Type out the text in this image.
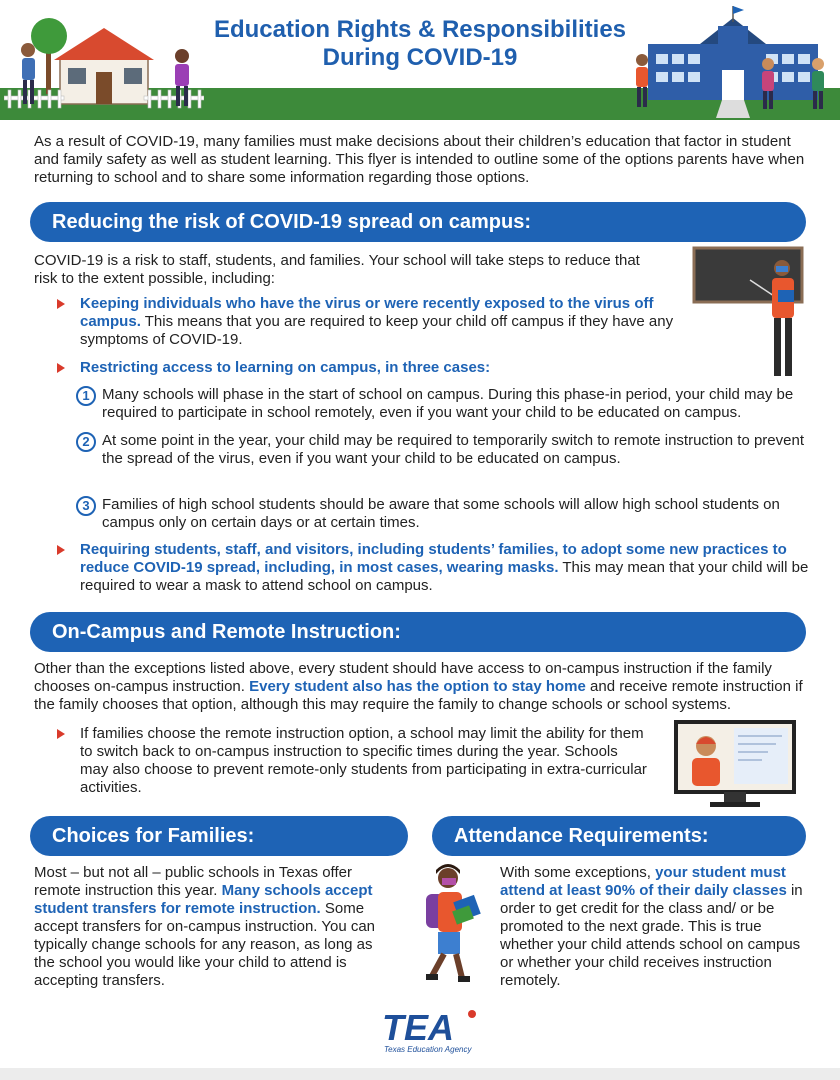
Education Rights & Responsibilities
During COVID-19

As a result of COVID-19, many families must make decisions about their children’s education that factor in student and family safety as well as student learning. This flyer is intended to outline some of the options parents have when returning to school and to share some information regarding those options.

Reducing the risk of COVID-19 spread on campus:

COVID-19 is a risk to staff, students, and families. Your school will take steps to reduce that risk to the extent possible, including:

Keeping individuals who have the virus or were recently exposed to the virus off campus. This means that you are required to keep your child off campus if they have any symptoms of COVID-19.

Restricting access to learning on campus, in three cases:

1 Many schools will phase in the start of school on campus. During this phase-in period, your child may be required to participate in school remotely, even if you want your child to be educated on campus.

2 At some point in the year, your child may be required to temporarily switch to remote instruction to prevent the spread of the virus, even if you want your child to be educated on campus.

3 Families of high school students should be aware that some schools will allow high school students on campus only on certain days or at certain times.

Requiring students, staff, and visitors, including students’ families, to adopt some new practices to reduce COVID-19 spread, including, in most cases, wearing masks. This may mean that your child will be required to wear a mask to attend school on campus.

On-Campus and Remote Instruction:

Other than the exceptions listed above, every student should have access to on-campus instruction if the family chooses on-campus instruction. Every student also has the option to stay home and receive remote instruction if the family chooses that option, although this may require the family to change schools or school systems.

If families choose the remote instruction option, a school may limit the ability for them to switch back to on-campus instruction to specific times during the year. Schools may also choose to prevent remote-only students from participating in extra-curricular activities.

Choices for Families:

Most – but not all – public schools in Texas offer remote instruction this year. Many schools accept student transfers for remote instruction. Some accept transfers for on-campus instruction. You can typically change schools for any reason, as long as the school you would like your child to attend is accepting transfers.

Attendance Requirements:

With some exceptions, your student must attend at least 90% of their daily classes in order to get credit for the class and/ or be promoted to the next grade. This is true whether your child attends school on campus or whether your child receives instruction remotely.

TEA
Texas Education Agency
